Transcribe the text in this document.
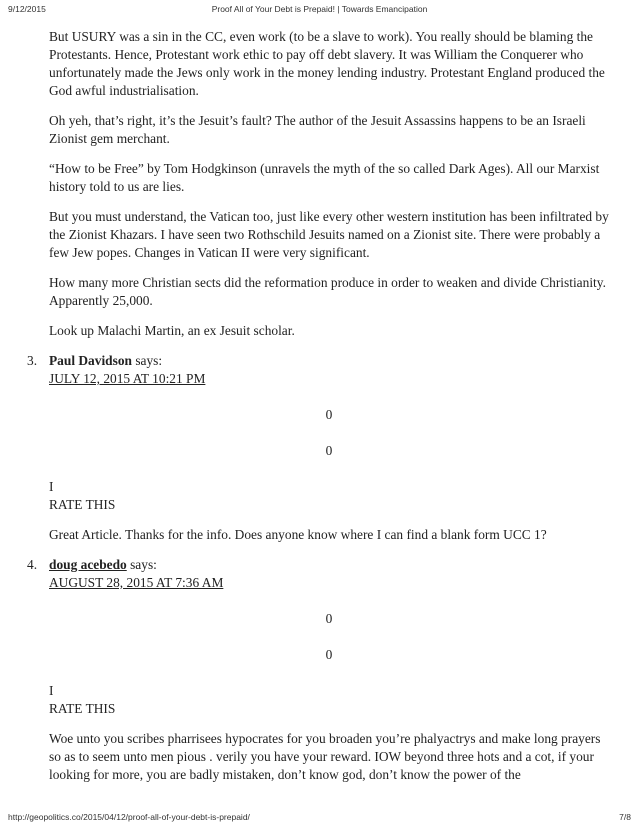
9/12/2015	Proof All of Your Debt is Prepaid! | Towards Emancipation

But USURY was a sin in the CC, even work (to be a slave to work). You really should be blaming the Protestants. Hence, Protestant work ethic to pay off debt slavery. It was William the Conquerer who unfortunately made the Jews only work in the money lending industry. Protestant England produced the God awful industrialisation.

Oh yeh, that’s right, it’s the Jesuit’s fault? The author of the Jesuit Assassins happens to be an Israeli Zionist gem merchant.

“How to be Free” by Tom Hodgkinson (unravels the myth of the so called Dark Ages). All our Marxist history told to us are lies.

But you must understand, the Vatican too, just like every other western institution has been infiltrated by the Zionist Khazars. I have seen two Rothschild Jesuits named on a Zionist site. There were probably a few Jew popes. Changes in Vatican II were very significant.

How many more Christian sects did the reformation produce in order to weaken and divide Christianity. Apparently 25,000.

Look up Malachi Martin, an ex Jesuit scholar.

3. Paul Davidson says:
JULY 12, 2015 AT 10:21 PM
0
0
I
RATE THIS

Great Article. Thanks for the info. Does anyone know where I can find a blank form UCC 1?

4. doug acebedo says:
AUGUST 28, 2015 AT 7:36 AM
0
0
I
RATE THIS

Woe unto you scribes pharrisees hypocrates for you broaden you’re phalyactrys and make long prayers so as to seem unto men pious . verily you have your reward. IOW beyond three hots and a cot, if your looking for more, you are badly mistaken, don’t know god, don’t know the power of the

http://geopolitics.co/2015/04/12/proof-all-of-your-debt-is-prepaid/	7/8
